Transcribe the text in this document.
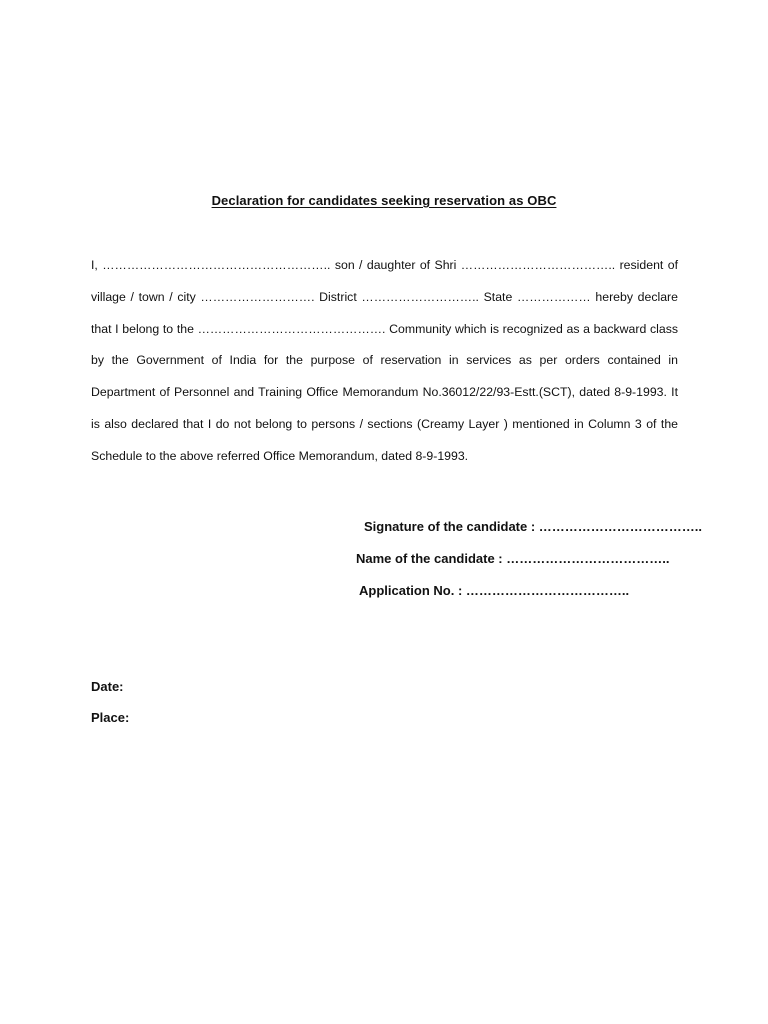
Declaration for candidates seeking reservation as OBC

I, ……………………………………………….. son / daughter of Shri ……………………………….. resident of village / town / city ………………………. District ……………………….. State ……………… hereby declare that I belong to the ………………………………………. Community which is recognized as a backward class by the Government of India for the purpose of reservation in services as per orders contained in Department of Personnel and Training Office Memorandum No.36012/22/93-Estt.(SCT), dated 8-9-1993. It is also declared that I do not belong to persons / sections (Creamy Layer ) mentioned in Column 3 of the Schedule to the above referred Office Memorandum, dated 8-9-1993.

Signature of the candidate : ………………………………..
Name of the candidate : ………………………………..
Application No. : ………………………………..
Date:
Place:
